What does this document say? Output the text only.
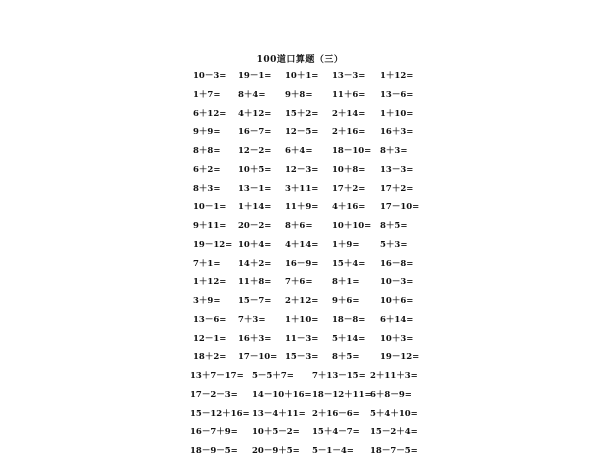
100道口算题（三）
10－3= 19－1= 10＋1= 13－3= 1＋12=
1＋7= 8＋4= 9＋8= 11＋6= 13－6=
6＋12= 4＋12= 15＋2= 2＋14= 1＋10=
9＋9= 16－7= 12－5= 2＋16= 16＋3=
8＋8= 12－2= 6＋4= 18－10= 8＋3=
6＋2= 10＋5= 12－3= 10＋8= 13－3=
8＋3= 13－1= 3＋11= 17＋2= 17＋2=
10－1= 1＋14= 11＋9= 4＋16= 17－10=
9＋11= 20－2= 8＋6= 10＋10= 8＋5=
19－12= 10＋4= 4＋14= 1＋9= 5＋3=
7＋1= 14＋2= 16－9= 15＋4= 16－8=
1＋12= 11＋8= 7＋6= 8＋1= 10－3=
3＋9= 15－7= 2＋12= 9＋6= 10＋6=
13－6= 7＋3= 1＋10= 18－8= 6＋14=
12－1= 16＋3= 11－3= 5＋14= 10＋3=
18＋2= 17－10= 15－3= 8＋5= 19－12=
13＋7－17= 5－5＋7= 7＋13－15= 2＋11＋3=
17－2－3= 14－10＋16= 18－12＋11=
6＋8－9=
15－12＋16= 13－4＋11= 2＋16－6= 5＋4＋10=
16－7＋9= 10＋5－2= 15＋4－7= 15－2＋4=
18－9－5= 20－9＋5= 5－1－4= 18－7－5=
